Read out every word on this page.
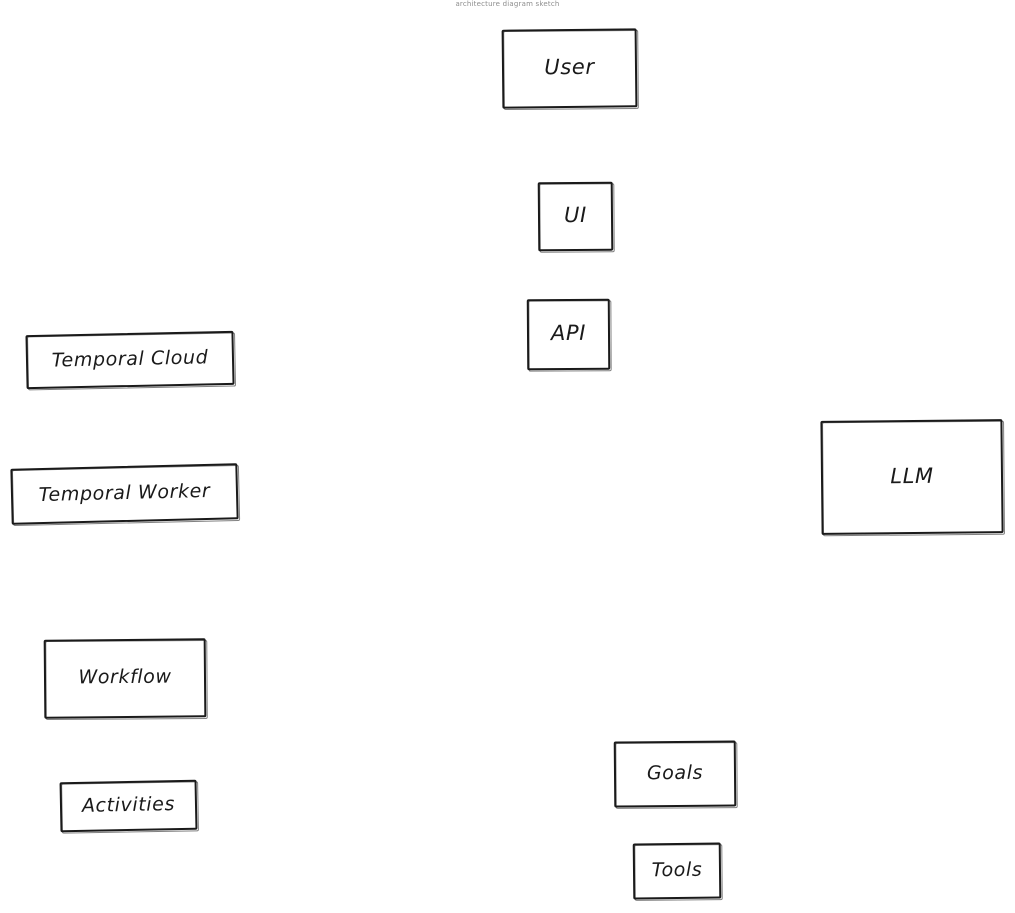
architecture diagram sketch
User
UI
API
Temporal Cloud
Temporal Worker
LLM
Workflow
Activities
Goals
Tools
